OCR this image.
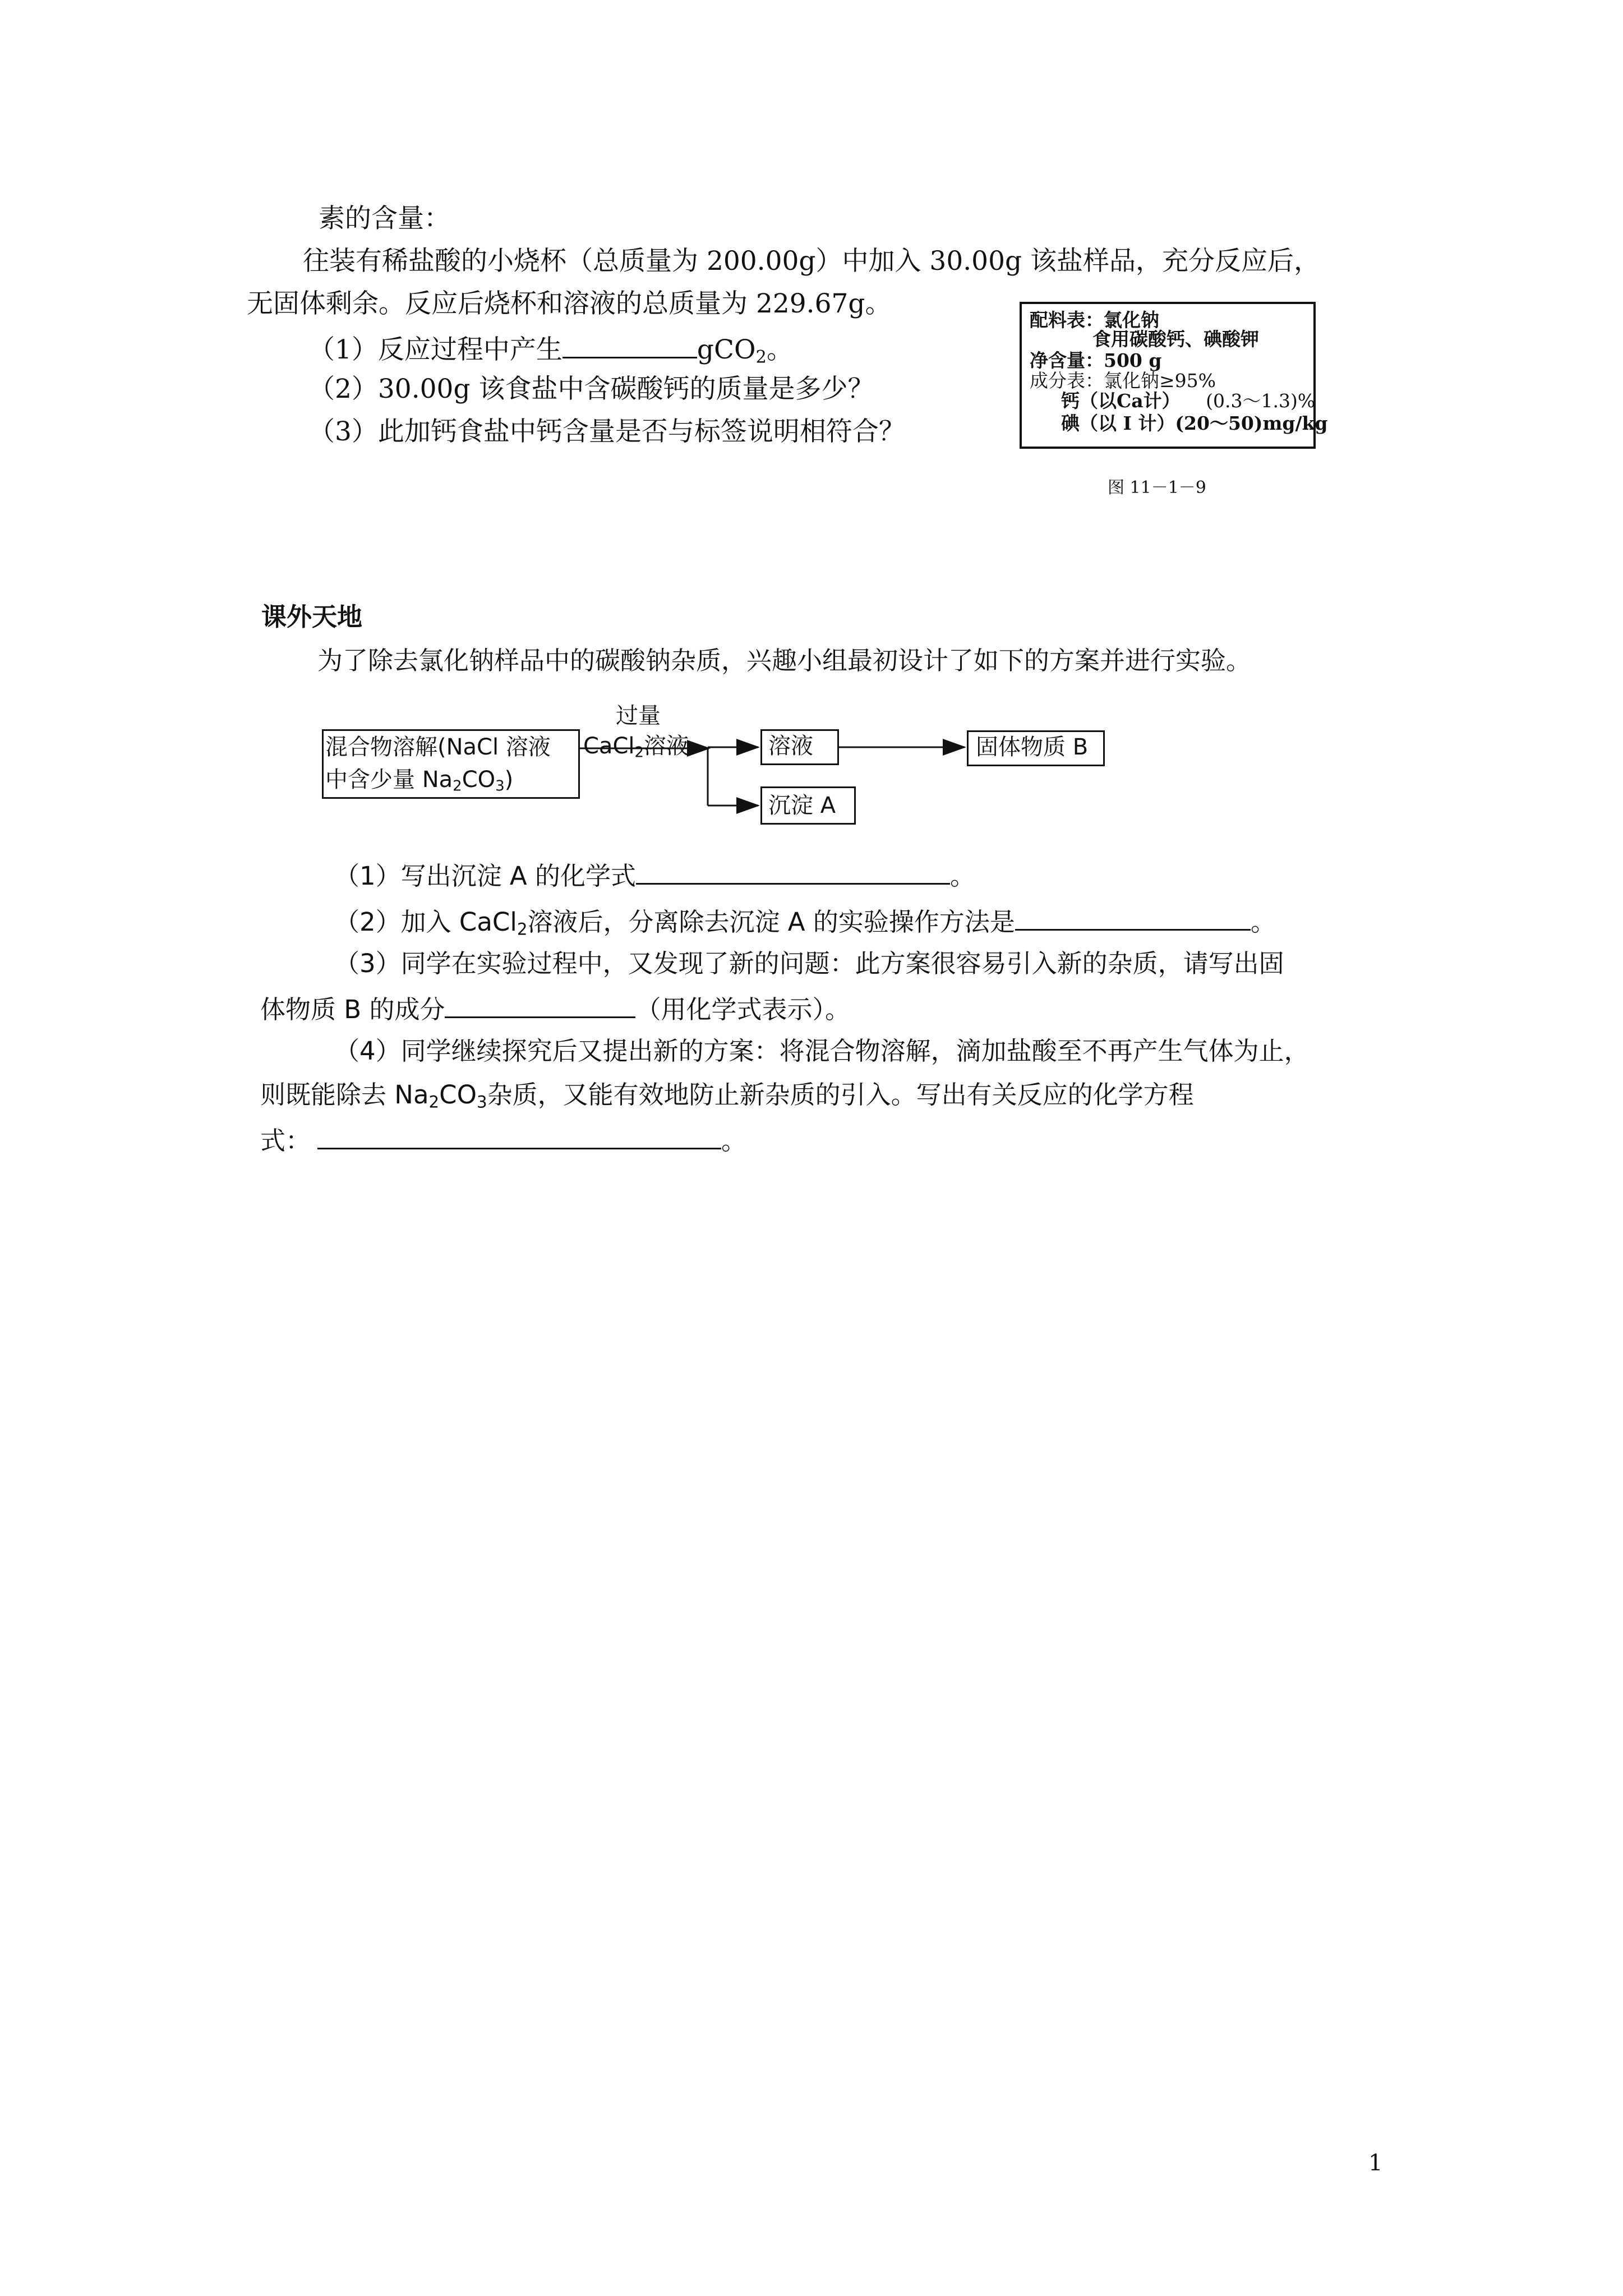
素的含量：
往装有稀盐酸的小烧杯（总质量为 200.00g）中加入 30.00g 该盐样品，充分反应后，
无固体剩余。反应后烧杯和溶液的总质量为 229.67g。
（1）反应过程中产生	gCO$_2$。
（2）30.00g 该食盐中含碳酸钙的质量是多少？
（3）此加钙食盐中钙含量是否与标签说明相符合？
配料表：氯化钠
食用碳酸钙、碘酸钾
净含量：500 g
成分表：氯化钠≥95%
钙（以Ca计） (0.3～1.3)%
碘（以 I 计）(20～50)mg/kg
图 11－1－9
课外天地
为了除去氯化钠样品中的碳酸钠杂质，兴趣小组最初设计了如下的方案并进行实验。
混合物溶解(NaCl 溶液
中含少量 $Na_2CO_3$)
过量
CaCl$_2$溶液	溶液	固体物质 B
沉淀 A
（1）写出沉淀 A 的化学式	。
（2）加入 CaCl$_2$溶液后，分离除去沉淀 A 的实验操作方法是	。
（3）同学在实验过程中，又发现了新的问题：此方案很容易引入新的杂质，请写出固
体物质 B 的成分	（用化学式表示）。
（4）同学继续探究后又提出新的方案：将混合物溶解，滴加盐酸至不再产生气体为止，
则既能除去 $Na_2CO_3$杂质，又能有效地防止新杂质的引入。写出有关反应的化学方程
式：	。
1
